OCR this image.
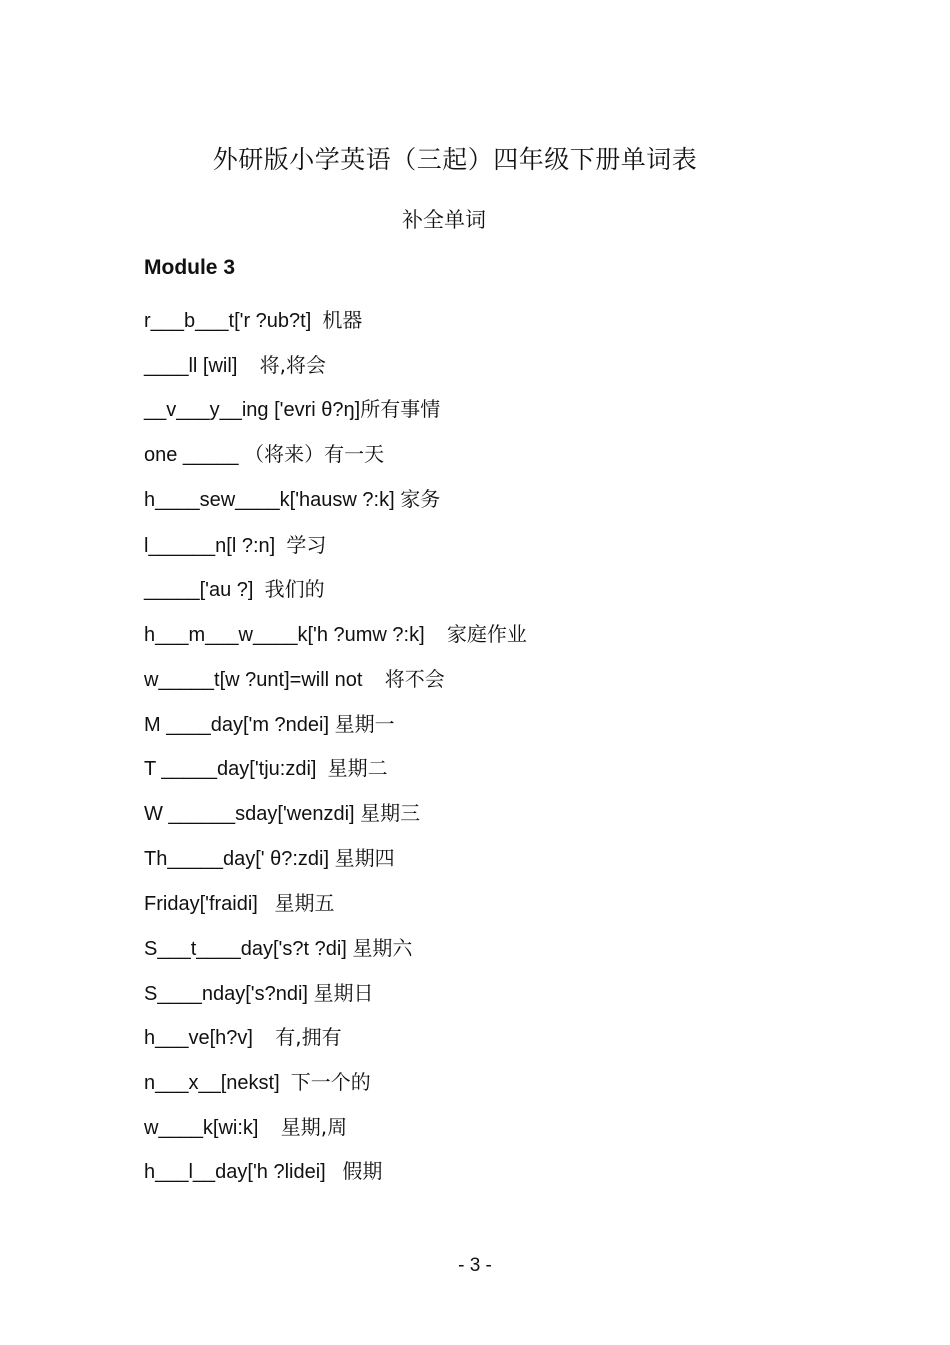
外研版小学英语（三起）四年级下册单词表
补全单词
Module 3
r___b___t['r ?ub?t] 机器
____ll [wil] 将,将会
__v___y__ing ['evri θ?ŋ]所有事情
one _____ （将来）有一天
h____sew____k['hausw ?:k] 家务
l______n[l ?:n] 学习
_____['au ?] 我们的
h___m___w____k['h ?umw ?:k] 家庭作业
w_____t[w ?unt]=will not 将不会
M ____day['m ?ndei] 星期一
T _____day['tju:zdi] 星期二
W ______sday['wenzdi] 星期三
Th_____day[' θ?:zdi] 星期四
Friday['fraidi] 星期五
S___t____day['s?t ?di] 星期六
S____nday['s?ndi] 星期日
h___ve[h?v] 有,拥有
n___x__[nekst] 下一个的
w____k[wi:k] 星期,周
h___l__day['h ?lidei] 假期
- 3 -
